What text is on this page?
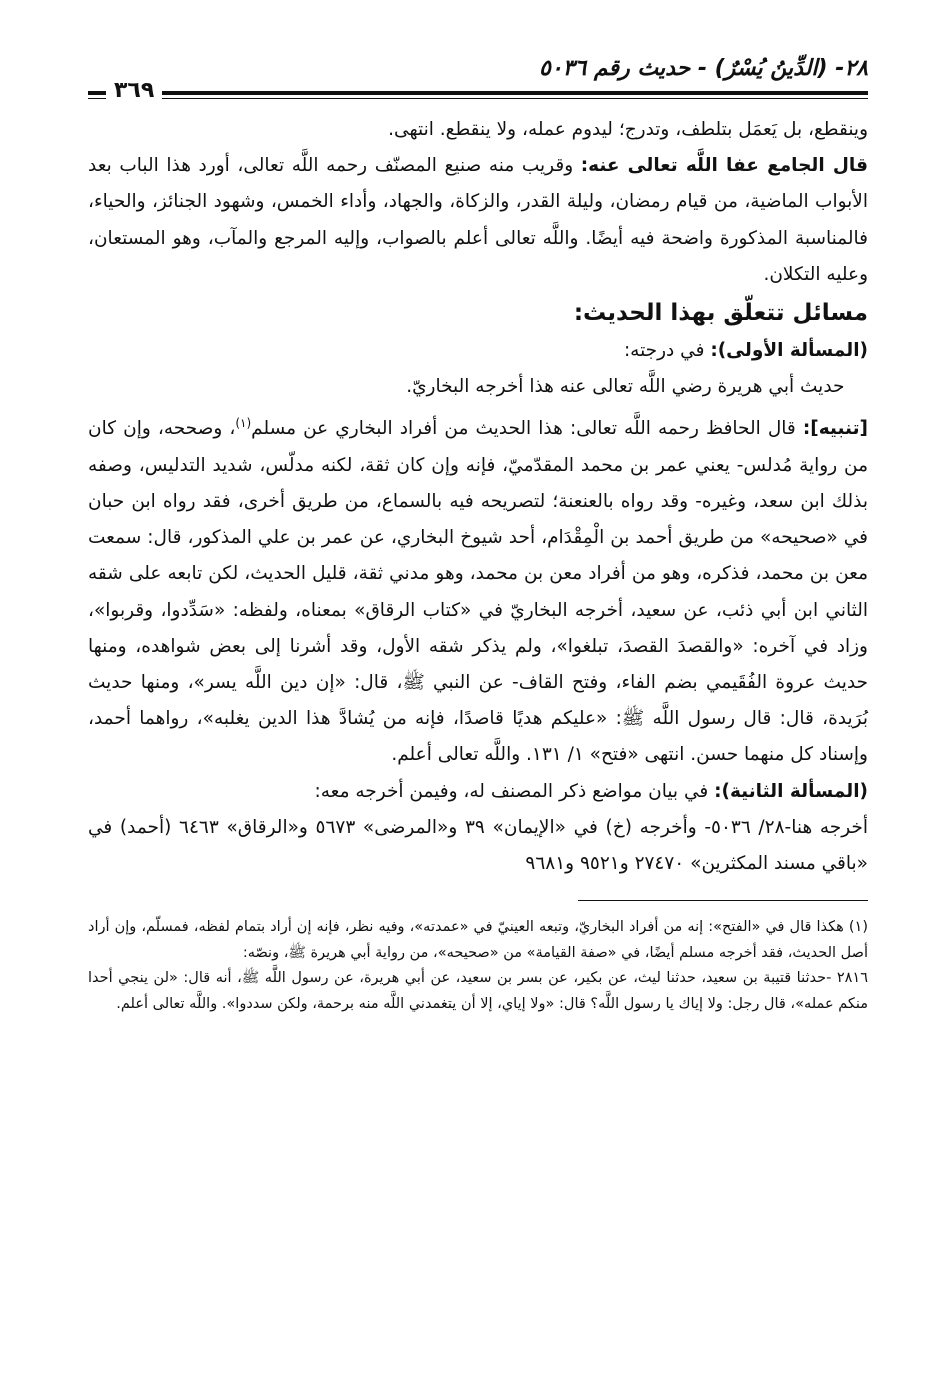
٢٨- (الدِّينُ يُسْرٌ) - حديث رقم ٥٠٣٦
٣٦٩

وينقطع، بل يَعمَل بتلطف، وتدرج؛ ليدوم عمله، ولا ينقطع. انتهى.

قال الجامع عفا اللَّه تعالى عنه: وقريب منه صنيع المصنّف رحمه اللَّه تعالى، أورد هذا الباب بعد الأبواب الماضية، من قيام رمضان، وليلة القدر، والزكاة، والجهاد، وأداء الخمس، وشهود الجنائز، والحياء، فالمناسبة المذكورة واضحة فيه أيضًا. واللَّه تعالى أعلم بالصواب، وإليه المرجع والمآب، وهو المستعان، وعليه التكلان.

مسائل تتعلّق بهذا الحديث:

(المسألة الأولى): في درجته:

حديث أبي هريرة رضي اللَّه تعالى عنه هذا أخرجه البخاريّ.

[تنبيه]: قال الحافظ رحمه اللَّه تعالى: هذا الحديث من أفراد البخاري عن مسلم$^{(١)}$، وصححه، وإن كان من رواية مُدلس- يعني عمر بن محمد المقدّميّ، فإنه وإن كان ثقة، لكنه مدلّس، شديد التدليس، وصفه بذلك ابن سعد، وغيره- وقد رواه بالعنعنة؛ لتصريحه فيه بالسماع، من طريق أخرى، فقد رواه ابن حبان في «صحيحه» من طريق أحمد بن الْمِقْدَام، أحد شيوخ البخاري، عن عمر بن علي المذكور، قال: سمعت معن بن محمد، فذكره، وهو من أفراد معن بن محمد، وهو مدني ثقة، قليل الحديث، لكن تابعه على شقه الثاني ابن أبي ذئب، عن سعيد، أخرجه البخاريّ في «كتاب الرقاق» بمعناه، ولفظه: «سَدِّدوا، وقربوا»، وزاد في آخره: «والقصدَ القصدَ، تبلغوا»، ولم يذكر شقه الأول، وقد أشرنا إلى بعض شواهده، ومنها حديث عروة الفُقَيمي بضم الفاء، وفتح القاف- عن النبي ﷺ، قال: «إن دين اللَّه يسر»، ومنها حديث بُرَيدة، قال: قال رسول اللَّه ﷺ: «عليكم هديًا قاصدًا، فإنه من يُشادَّ هذا الدين يغلبه»، رواهما أحمد، وإسناد كل منهما حسن. انتهى «فتح» ١/ ١٣١. واللَّه تعالى أعلم.

(المسألة الثانية): في بيان مواضع ذكر المصنف له، وفيمن أخرجه معه:

أخرجه هنا-٢٨/ ٥٠٣٦- وأخرجه (خ) في «الإيمان» ٣٩ و«المرضى» ٥٦٧٣ و«الرقاق» ٦٤٦٣ (أحمد) في «باقي مسند المكثرين» ٢٧٤٧٠ و٩٥٢١ و٩٦٨١

(١) هكذا قال في «الفتح»: إنه من أفراد البخاريّ، وتبعه العينيّ في «عمدته»، وفيه نظر، فإنه إن أراد بتمام لفظه، فمسلّم، وإن أراد أصل الحديث، فقد أخرجه مسلم أيضًا، في «صفة القيامة» من «صحيحه»، من رواية أبي هريرة ﷺ، ونصّه:

٢٨١٦ -حدثنا قتيبة بن سعيد، حدثنا ليث، عن بكير، عن بسر بن سعيد، عن أبي هريرة، عن رسول اللَّه ﷺ، أنه قال: «لن ينجي أحدا منكم عمله»، قال رجل: ولا إياك يا رسول اللَّه؟ قال: «ولا إياي، إلا أن يتغمدني اللَّه منه برحمة، ولكن سددوا». واللَّه تعالى أعلم.
